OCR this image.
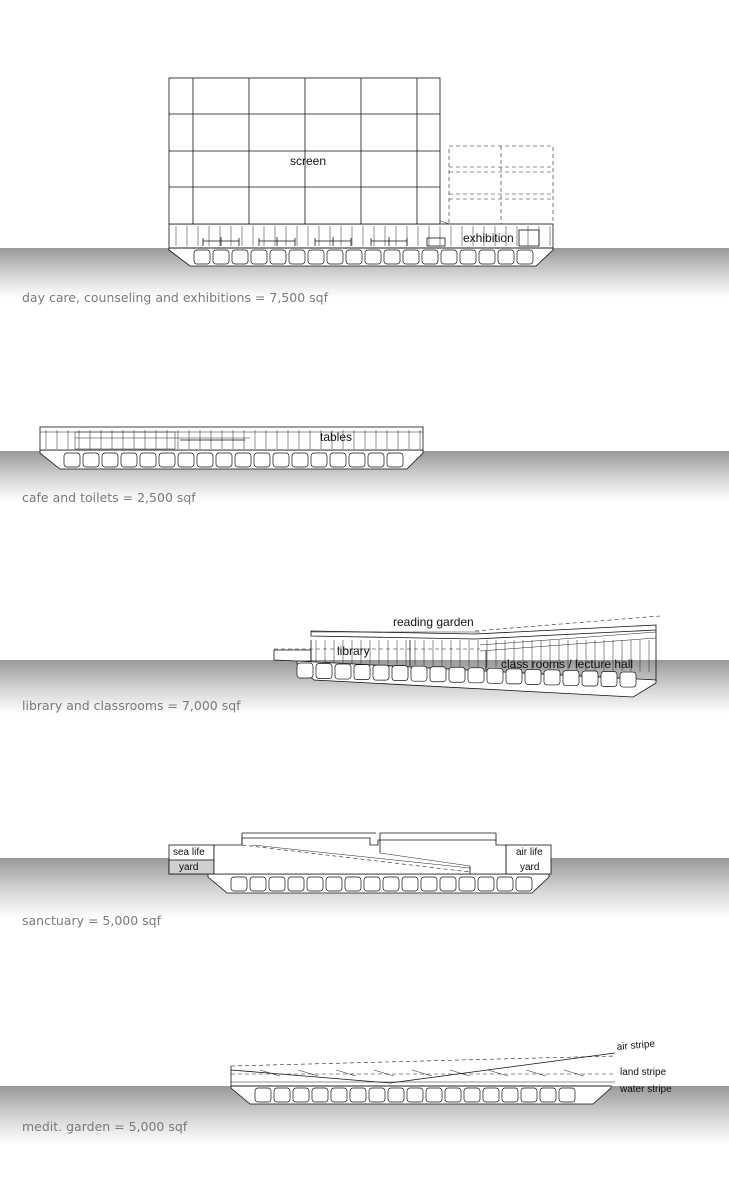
screen
exhibition
day care, counseling and exhibitions = 7,500 sqf
tables
cafe and toilets = 2,500 sqf
reading garden
library
class rooms / lecture hall
library and classrooms = 7,000 sqf
sea life
yard
air life
yard
sanctuary = 5,000 sqf
air stripe
land stripe
water stripe
medit. garden = 5,000 sqf
